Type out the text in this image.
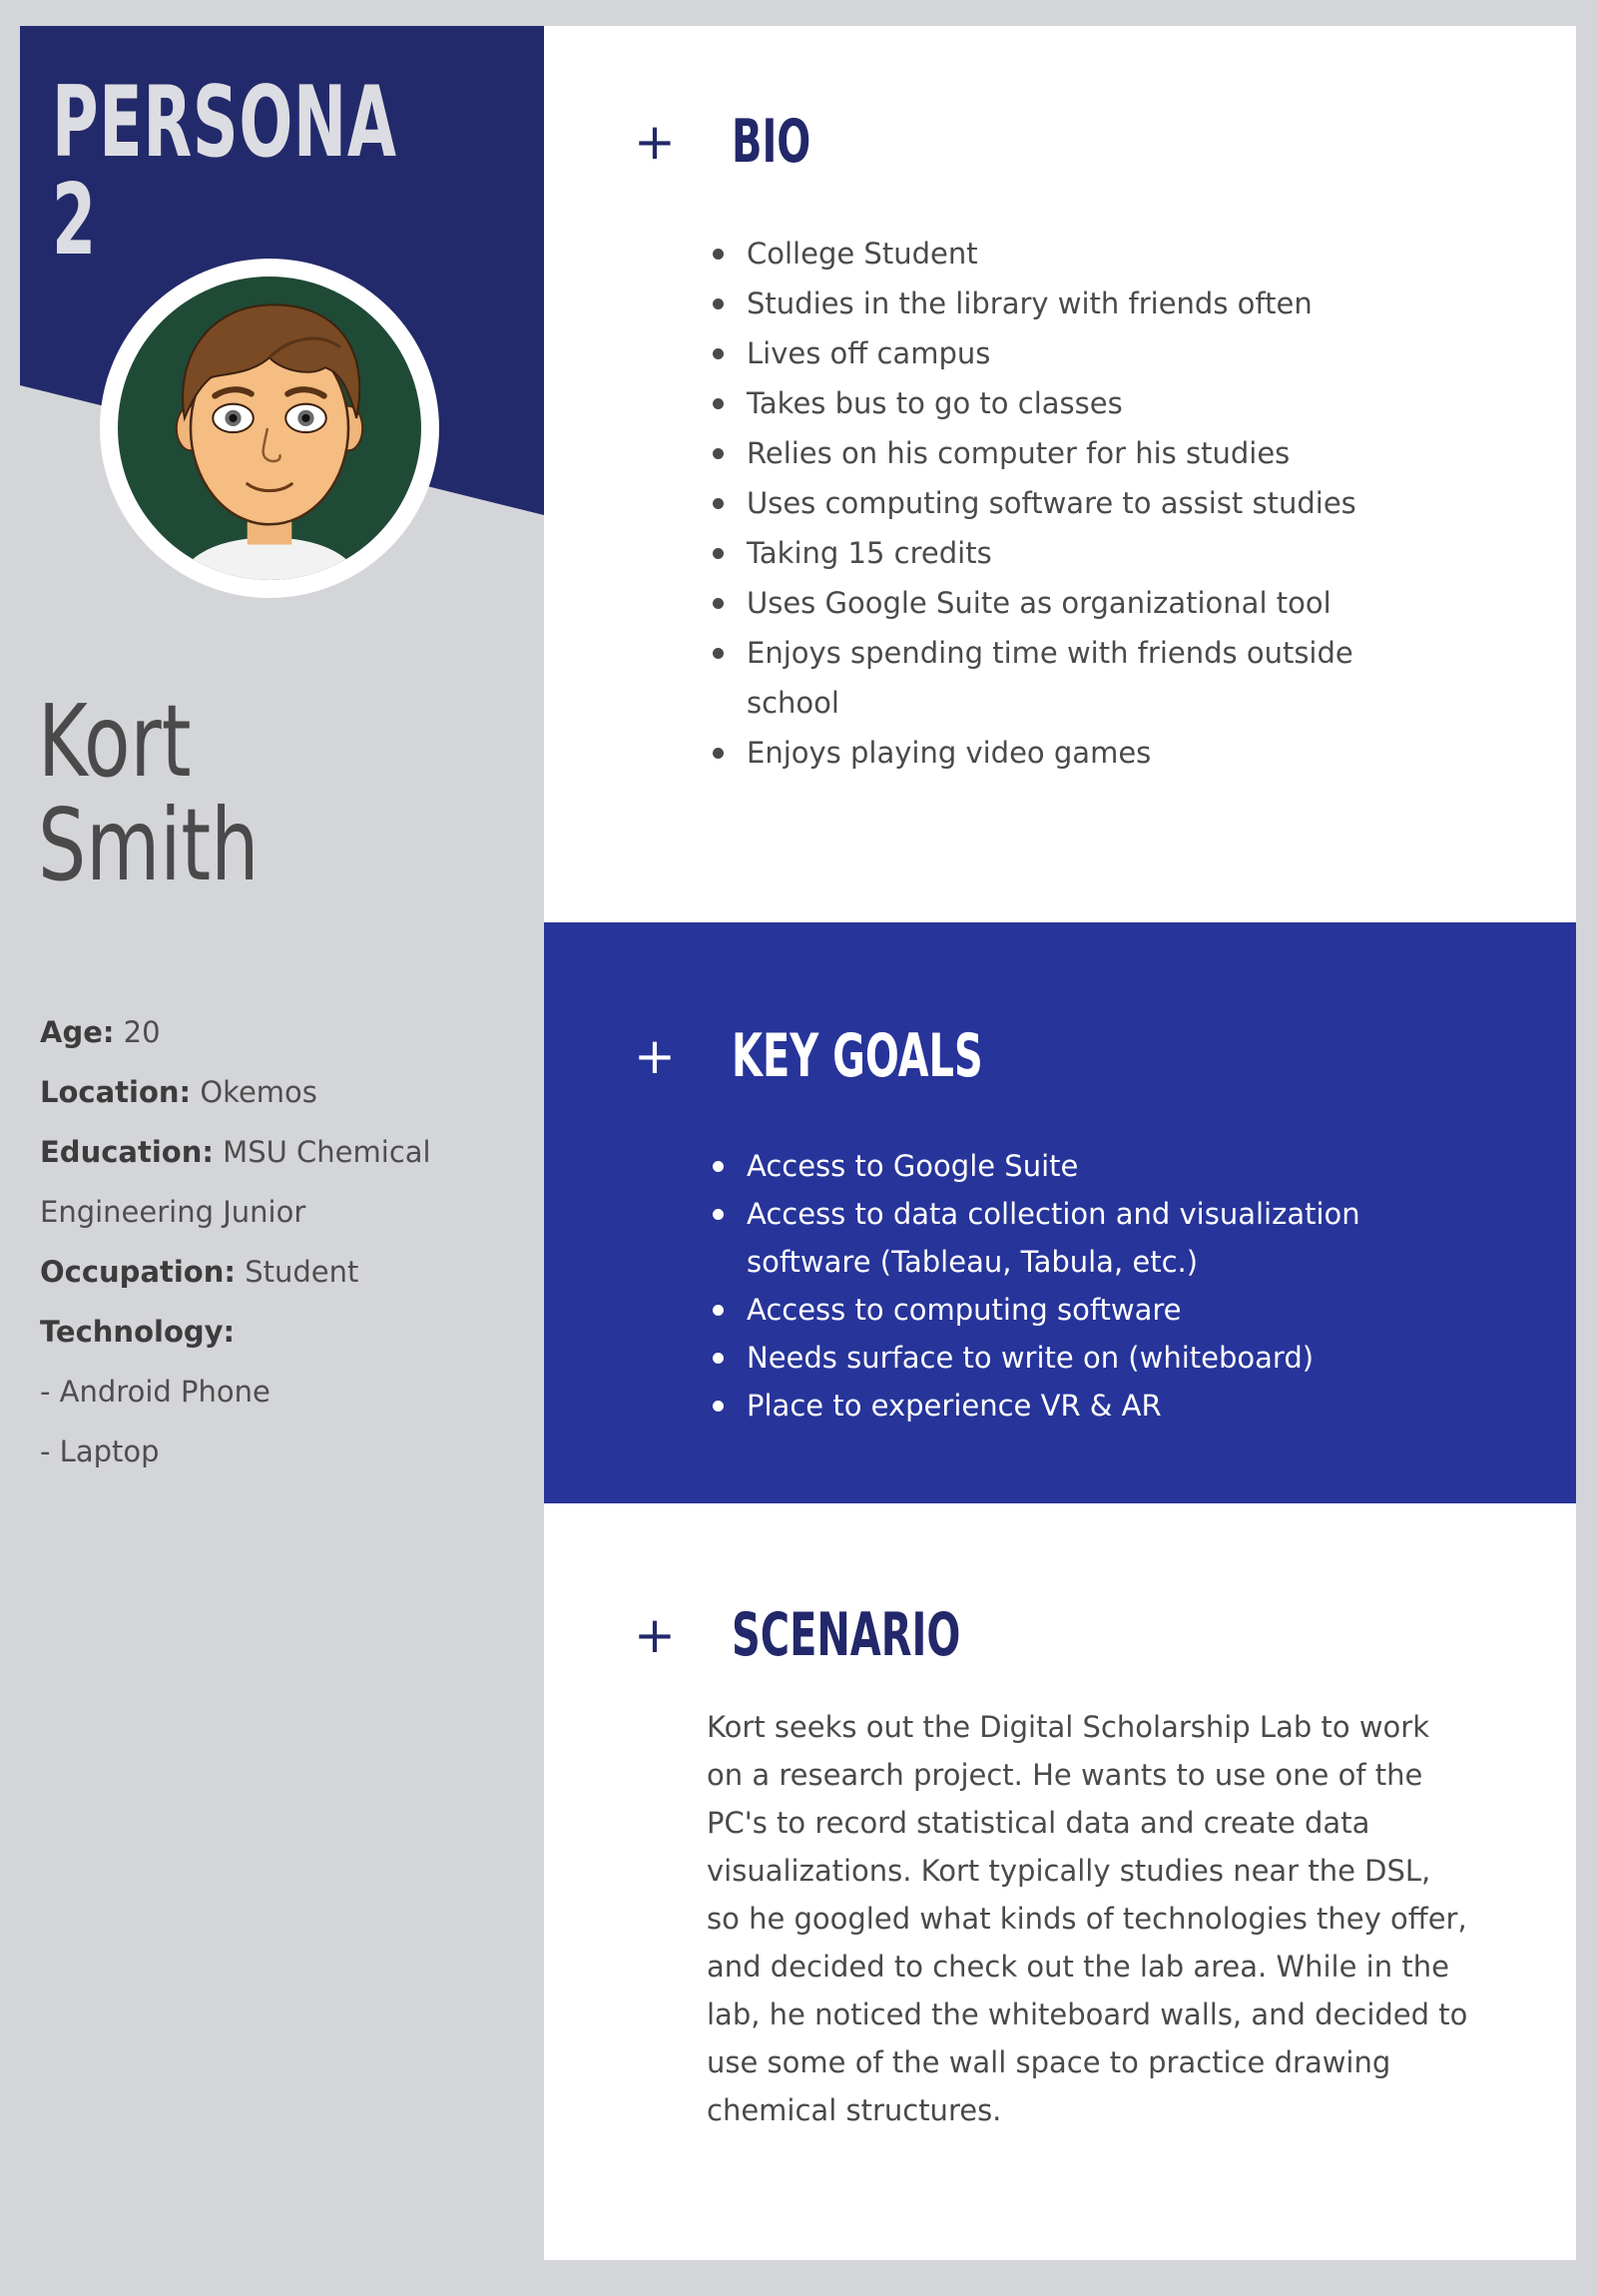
PERSONA 2
Kort
Smith
Age: 20
Location: Okemos
Education: MSU Chemical Engineering Junior
Occupation: Student
Technology:
- Android Phone
- Laptop
+ BIO
College Student
Studies in the library with friends often
Lives off campus
Takes bus to go to classes
Relies on his computer for his studies
Uses computing software to assist studies
Taking 15 credits
Uses Google Suite as organizational tool
Enjoys spending time with friends outside school
Enjoys playing video games
+ KEY GOALS
Access to Google Suite
Access to data collection and visualization software (Tableau, Tabula, etc.)
Access to computing software
Needs surface to write on (whiteboard)
Place to experience VR & AR
+ SCENARIO

Kort seeks out the Digital Scholarship Lab to work on a research project. He wants to use one of the PC's to record statistical data and create data visualizations. Kort typically studies near the DSL, so he googled what kinds of technologies they offer, and decided to check out the lab area. While in the lab, he noticed the whiteboard walls, and decided to use some of the wall space to practice drawing chemical structures.
